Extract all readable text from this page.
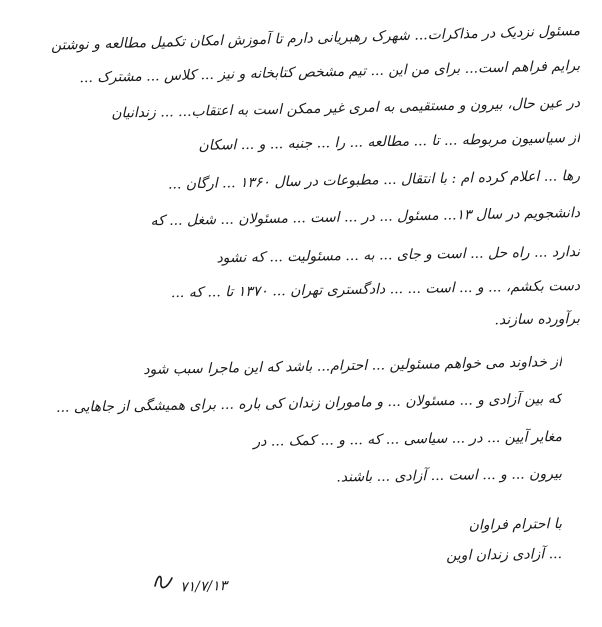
مسئول نزدیک در مذاکرات... شهرک رهبریانی دارم تا آموزش امکان تکمیل مطالعه و نوشتن
برایم فراهم است... برای من این ... تیم مشخص کتابخانه و نیز ... کلاس ... مشترک ...
در عین حال، بیرون و مستقیمی به امری غیر ممکن است به اعتقاب... ... زندانیان
از سیاسیون مربوطه ... تا ... مطالعه ... را ... جنبه ... و ... اسکان
رها ... اعلام کرده ام : با انتقال ... مطبوعات در سال ۱۳۶۰ ... ارگان ...
دانشجویم در سال ۱۳... مسئول ... در ... است ... مسئولان ... شغل ... که
ندارد ... راه حل ... است و جای ... به ... مسئولیت ... که نشود
دست بکشم، ... و ... است ... ... دادگستری تهران ... ۱۳۷۰ تا ... که ...
برآورده سازند.
از خداوند می خواهم مسئولین ... احترام... باشد که این ماجرا سبب شود
که بین آزادی و ... مسئولان ... و ماموران زندان کی باره ... برای همیشگی از جاهایی ...
مغایر آیین ... در ... سیاسی ... که ... و ... کمک ... در
بیرون ... و ... است ... آزادی ... باشند.
با احترام فراوان
... آزادی زندان اوین
۷۱/۷/۱۳
